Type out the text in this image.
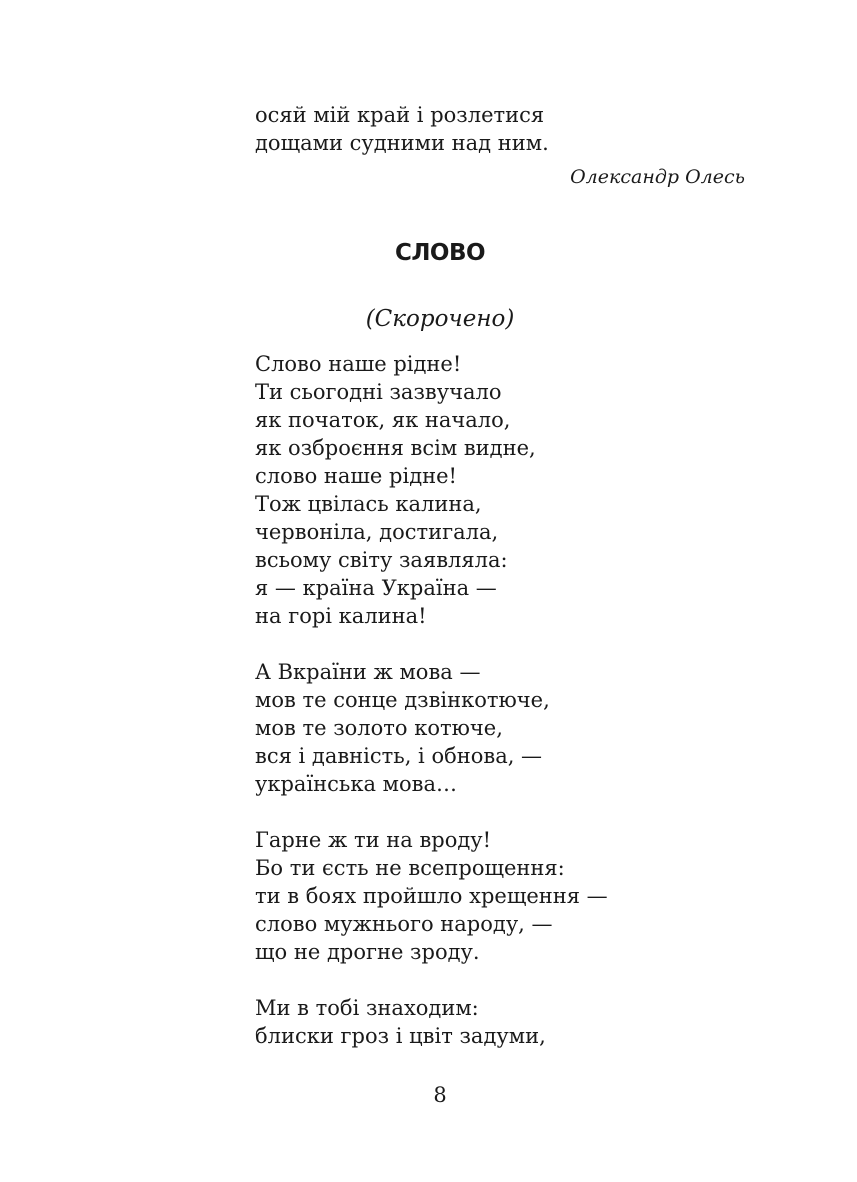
осяй мій край і розлетися
дощами судними над ним.
Олександр Олесь
СЛОВО
(Скорочено)
Слово наше рідне!
Ти сьогодні зазвучало
як початок, як начало,
як озброєння всім видне,
слово наше рідне!
Тож цвілась калина,
червоніла, достигала,
всьому світу заявляла:
я — країна Україна —
на горі калина!
А Вкраїни ж мова —
мов те сонце дзвінкотюче,
мов те золото котюче,
вся і давність, і обнова, —
українська мова…
Гарне ж ти на вроду!
Бо ти єсть не всепрощення:
ти в боях пройшло хрещення —
слово мужнього народу, —
що не дрогне зроду.
Ми в тобі знаходим:
блиски гроз і цвіт задуми,
8
